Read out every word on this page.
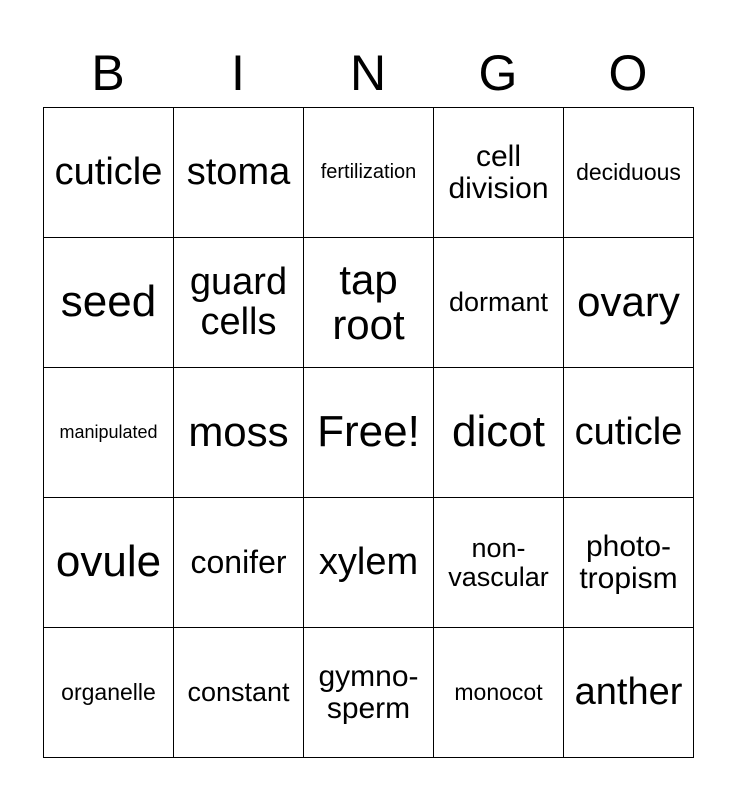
B	I	N	G	O
cuticle	stoma	fertilization	cell division	deciduous
seed	guard cells	tap root	dormant	ovary
manipulated	moss	Free!	dicot	cuticle
ovule	conifer	xylem	non-vascular	photo-tropism
organelle	constant	gymno-sperm	monocot	anther
